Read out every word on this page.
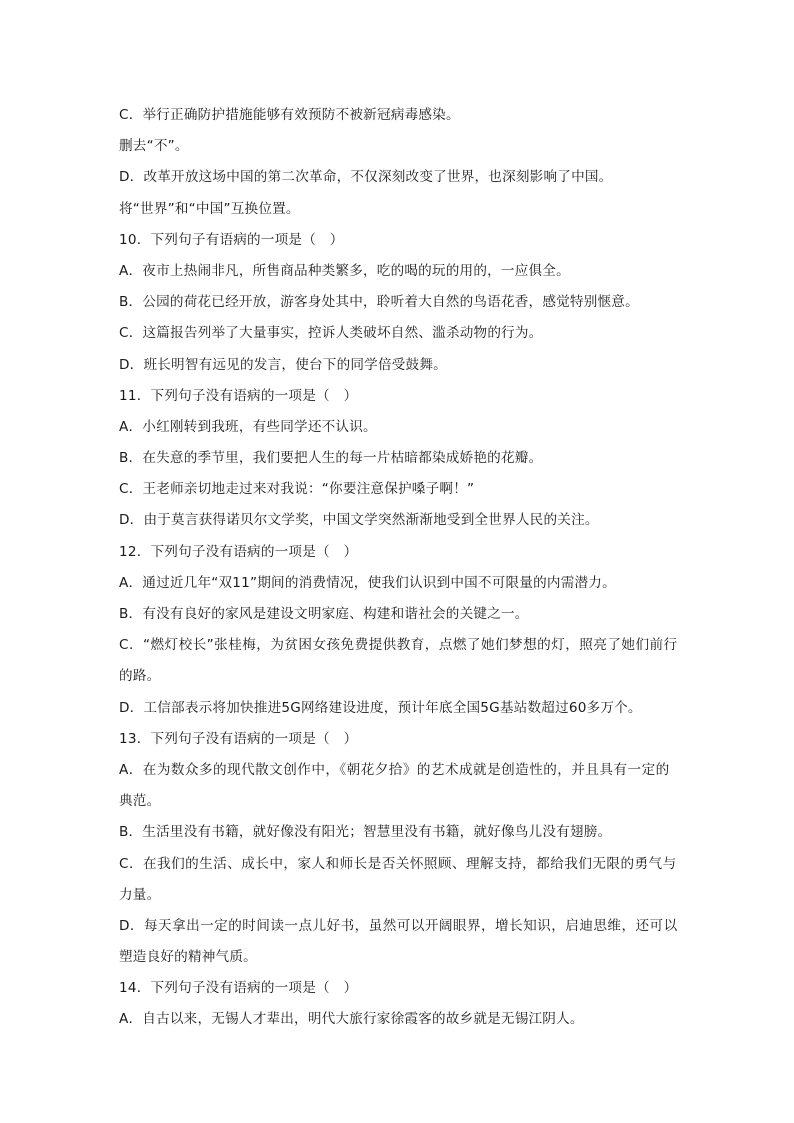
C．举行正确防护措施能够有效预防不被新冠病毒感染。
删去“不”。
D．改革开放这场中国的第二次革命，不仅深刻改变了世界，也深刻影响了中国。
将“世界”和“中国”互换位置。
10．下列句子有语病的一项是（　）
A．夜市上热闹非凡，所售商品种类繁多，吃的喝的玩的用的，一应俱全。
B．公园的荷花已经开放，游客身处其中，聆听着大自然的鸟语花香，感觉特别惬意。
C．这篇报告列举了大量事实，控诉人类破坏自然、滥杀动物的行为。
D．班长明智有远见的发言，使台下的同学倍受鼓舞。
11．下列句子没有语病的一项是（　）
A．小红刚转到我班，有些同学还不认识。
B．在失意的季节里，我们要把人生的每一片枯暗都染成娇艳的花瓣。
C．王老师亲切地走过来对我说：“你要注意保护嗓子啊！”
D．由于莫言获得诺贝尔文学奖，中国文学突然渐渐地受到全世界人民的关注。
12．下列句子没有语病的一项是（　）
A．通过近几年“双11”期间的消费情况，使我们认识到中国不可限量的内需潜力。
B．有没有良好的家风是建设文明家庭、构建和谐社会的关键之一。
C．“燃灯校长”张桂梅，为贫困女孩免费提供教育，点燃了她们梦想的灯，照亮了她们前行
的路。
D．工信部表示将加快推进5G网络建设进度，预计年底全国5G基站数超过60多万个。
13．下列句子没有语病的一项是（　）
A．在为数众多的现代散文创作中，《朝花夕拾》的艺术成就是创造性的，并且具有一定的
典范。
B．生活里没有书籍，就好像没有阳光；智慧里没有书籍，就好像鸟儿没有翅膀。
C．在我们的生活、成长中，家人和师长是否关怀照顾、理解支持，都给我们无限的勇气与
力量。
D．每天拿出一定的时间读一点儿好书，虽然可以开阔眼界，增长知识，启迪思维，还可以
塑造良好的精神气质。
14．下列句子没有语病的一项是（　）
A．自古以来，无锡人才辈出，明代大旅行家徐霞客的故乡就是无锡江阴人。
